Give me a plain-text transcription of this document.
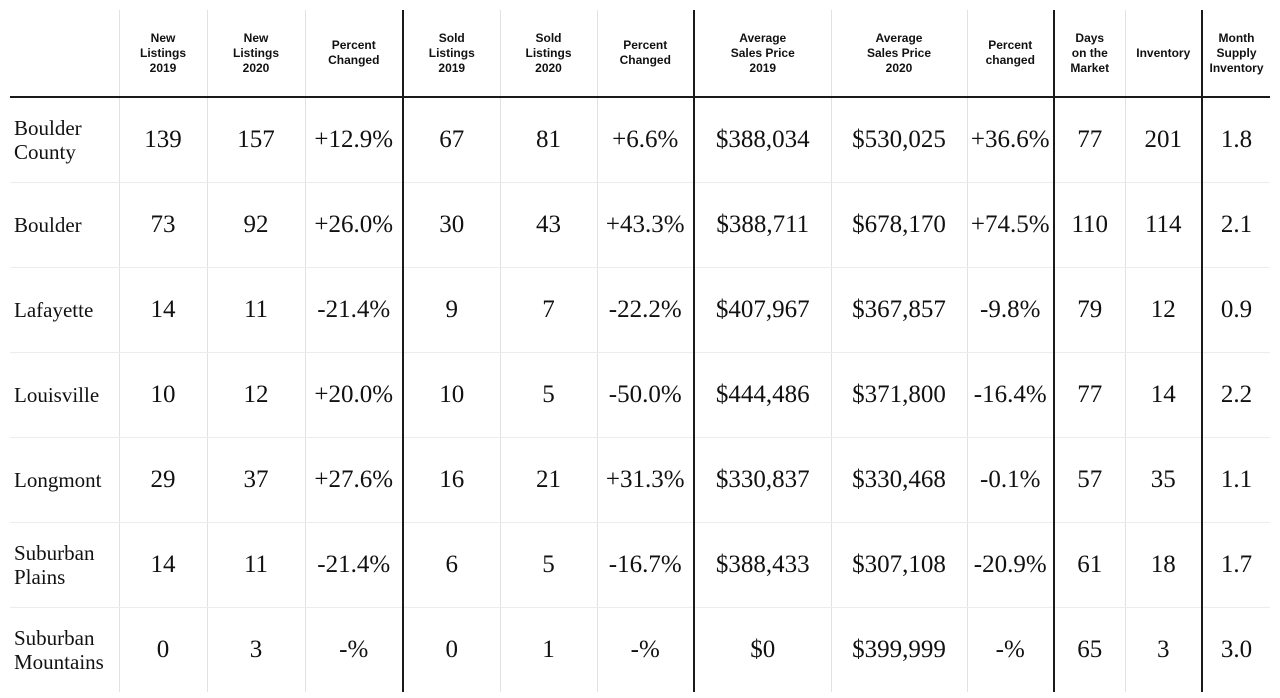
	New
Listings
2019	New
Listings
2020	Percent
Changed	Sold
Listings
2019	Sold
Listings
2020	Percent
Changed	Average
Sales Price
2019	Average
Sales Price
2020	Percent
changed	Days
on the
Market	Inventory	Month
Supply
Inventory
Boulder
County	139	157	+12.9%	67	81	+6.6%	$388,034	$530,025	+36.6%	77	201	1.8
Boulder	73	92	+26.0%	30	43	+43.3%	$388,711	$678,170	+74.5%	110	114	2.1
Lafayette	14	11	-21.4%	9	7	-22.2%	$407,967	$367,857	-9.8%	79	12	0.9
Louisville	10	12	+20.0%	10	5	-50.0%	$444,486	$371,800	-16.4%	77	14	2.2
Longmont	29	37	+27.6%	16	21	+31.3%	$330,837	$330,468	-0.1%	57	35	1.1
Suburban
Plains	14	11	-21.4%	6	5	-16.7%	$388,433	$307,108	-20.9%	61	18	1.7
Suburban
Mountains	0	3	-%	0	1	-%	$0	$399,999	-%	65	3	3.0
